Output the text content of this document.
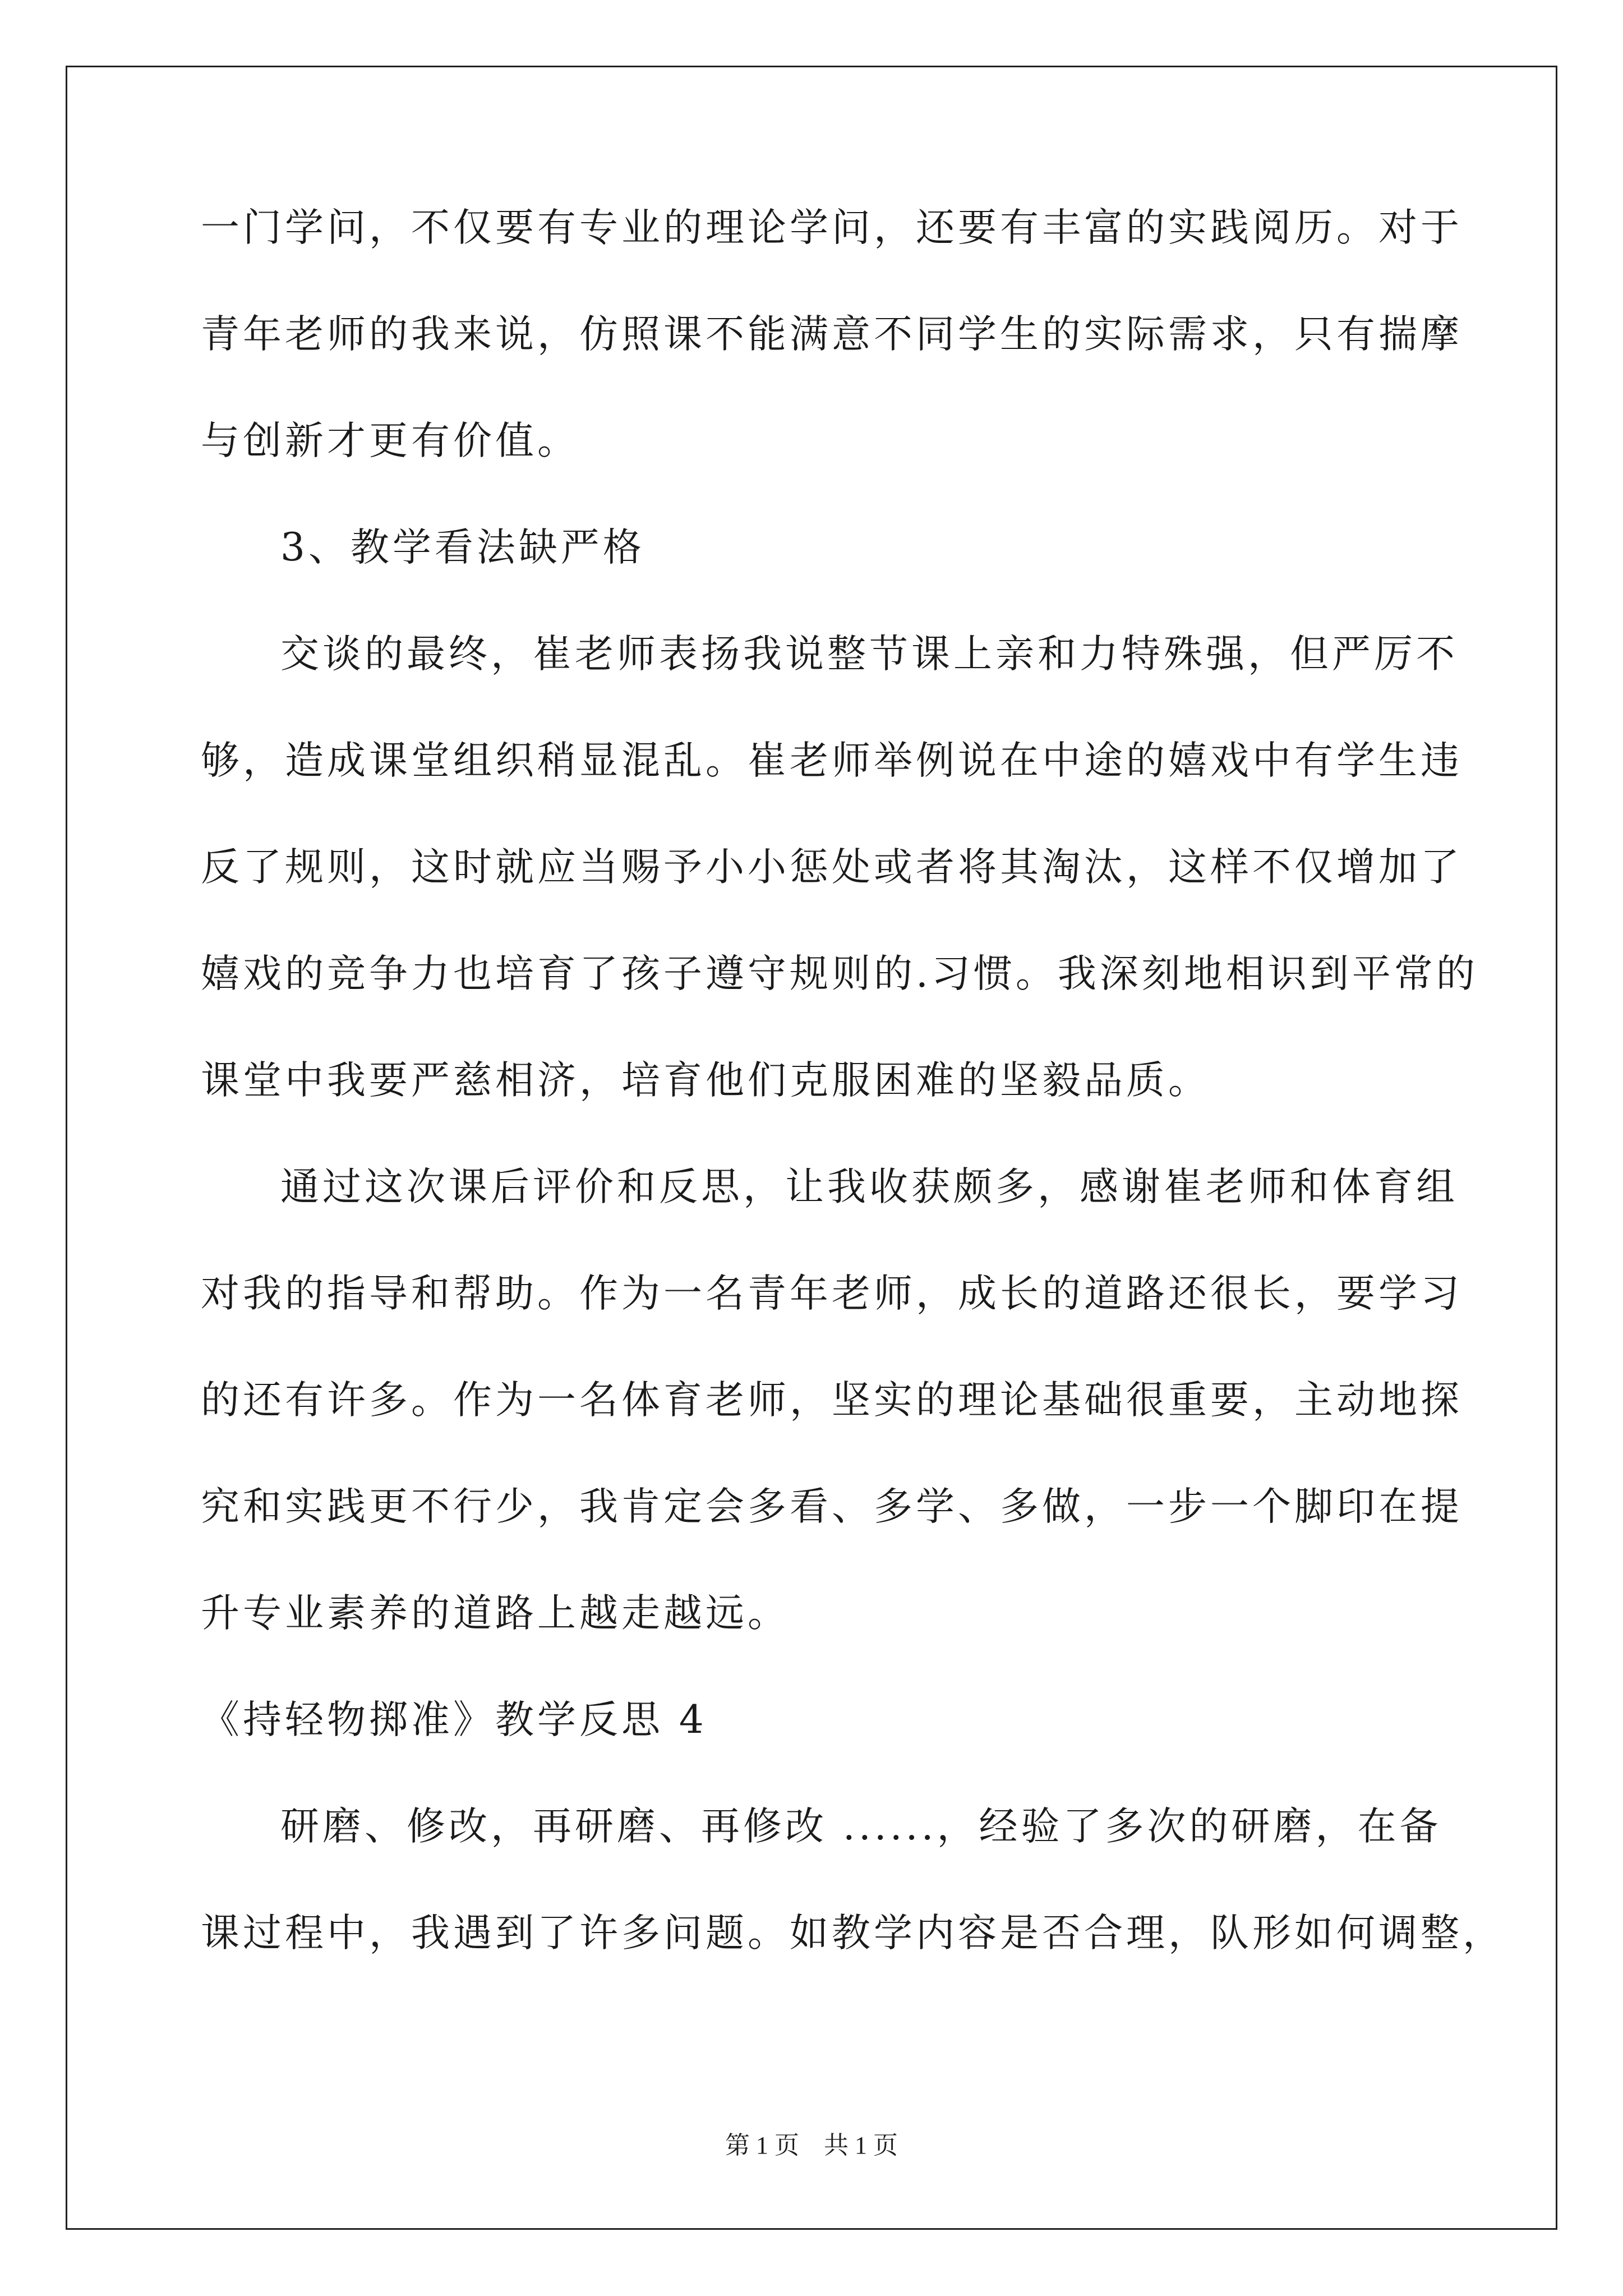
一门学问，不仅要有专业的理论学问，还要有丰富的实践阅历。对于

青年老师的我来说，仿照课不能满意不同学生的实际需求，只有揣摩

与创新才更有价值。

3、教学看法缺严格

交谈的最终，崔老师表扬我说整节课上亲和力特殊强，但严厉不

够，造成课堂组织稍显混乱。崔老师举例说在中途的嬉戏中有学生违

反了规则，这时就应当赐予小小惩处或者将其淘汰，这样不仅增加了

嬉戏的竞争力也培育了孩子遵守规则的.习惯。我深刻地相识到平常的

课堂中我要严慈相济，培育他们克服困难的坚毅品质。

通过这次课后评价和反思，让我收获颇多，感谢崔老师和体育组

对我的指导和帮助。作为一名青年老师，成长的道路还很长，要学习

的还有许多。作为一名体育老师，坚实的理论基础很重要，主动地探

究和实践更不行少，我肯定会多看、多学、多做，一步一个脚印在提

升专业素养的道路上越走越远。

《持轻物掷准》教学反思 4

研磨、修改，再研磨、再修改 ......，经验了多次的研磨，在备

课过程中，我遇到了许多问题。如教学内容是否合理，队形如何调整，

第 1 页　共 1 页
